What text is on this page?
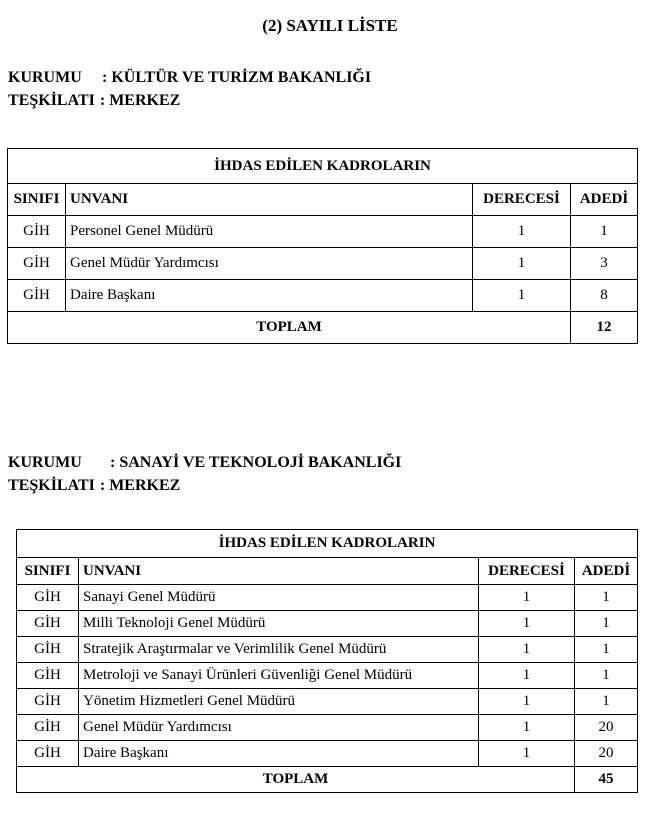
(2) SAYILI LİSTE
KURUMU	: KÜLTÜR VE TURİZM BAKANLIĞI
TEŞKİLATI : MERKEZ
İHDAS EDİLEN KADROLARIN			
SINIFI	UNVANI	DERECESİ	ADEDİ
GİH	Personel Genel Müdürü	1	1
GİH	Genel Müdür Yardımcısı	1	3
GİH	Daire Başkanı	1	8
TOPLAM			12
KURUMU	: SANAYİ VE TEKNOLOJİ BAKANLIĞI
TEŞKİLATI : MERKEZ
İHDAS EDİLEN KADROLARIN			
SINIFI	UNVANI	DERECESİ	ADEDİ
GİH	Sanayi Genel Müdürü	1	1
GİH	Milli Teknoloji Genel Müdürü	1	1
GİH	Stratejik Araştırmalar ve Verimlilik Genel Müdürü	1	1
GİH	Metroloji ve Sanayi Ürünleri Güvenliği Genel Müdürü	1	1
GİH	Yönetim Hizmetleri Genel Müdürü	1	1
GİH	Genel Müdür Yardımcısı	1	20
GİH	Daire Başkanı	1	20
TOPLAM			45
